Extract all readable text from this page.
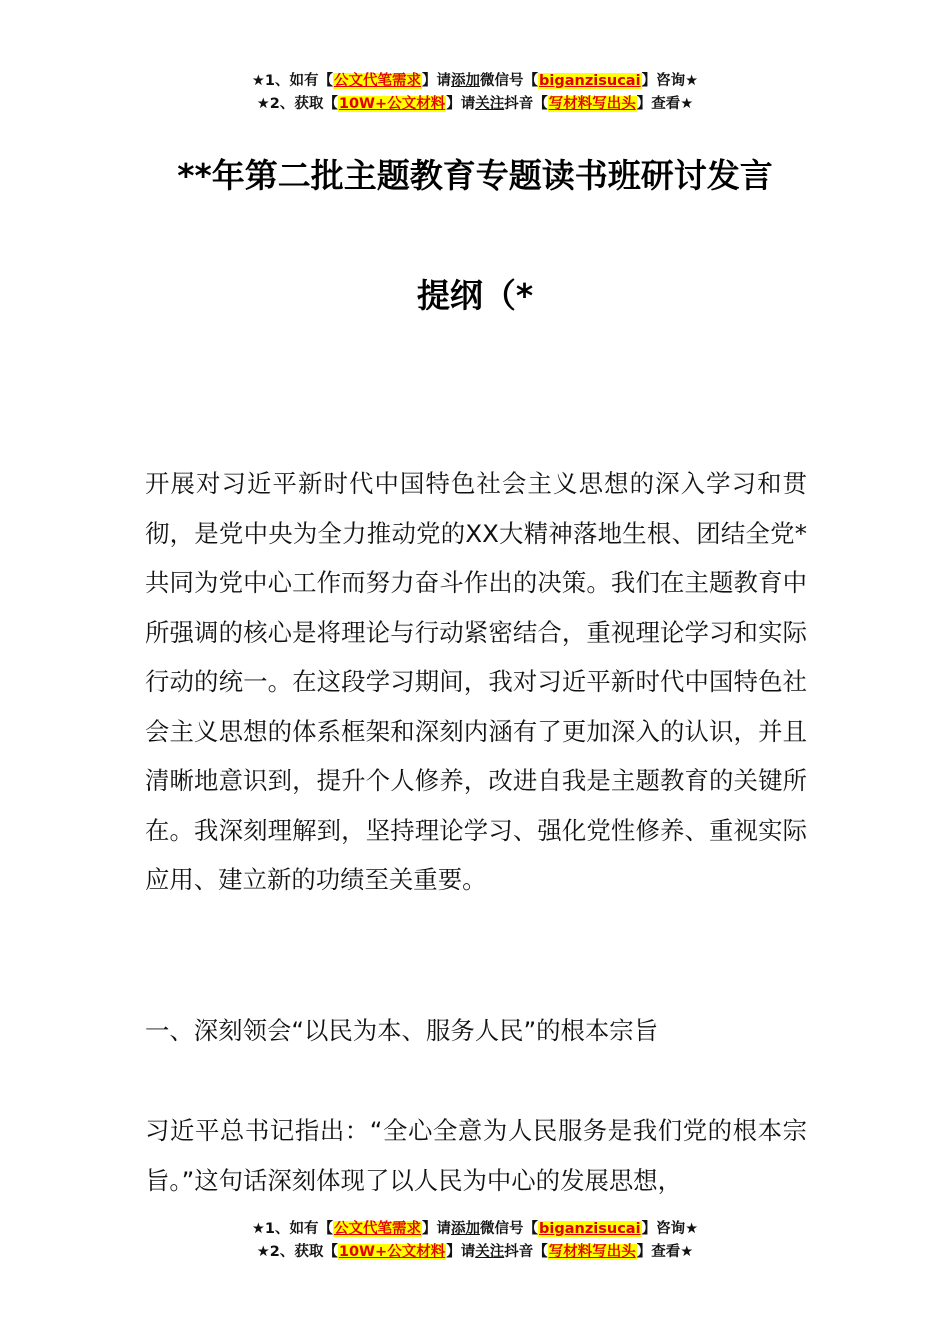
★1、如有【公文代笔需求】请添加微信号【biganzisucai】咨询★
★2、获取【10W+公文材料】请关注抖音【写材料写出头】查看★
**年第二批主题教育专题读书班研讨发言
提纲（*

开展对习近平新时代中国特色社会主义思想的深入学习和贯彻，是党中央为全力推动党的XX大精神落地生根、团结全党*共同为党中心工作而努力奋斗作出的决策。我们在主题教育中所强调的核心是将理论与行动紧密结合，重视理论学习和实际行动的统一。在这段学习期间，我对习近平新时代中国特色社会主义思想的体系框架和深刻内涵有了更加深入的认识，并且清晰地意识到，提升个人修养，改进自我是主题教育的关键所在。我深刻理解到，坚持理论学习、强化党性修养、重视实际应用、建立新的功绩至关重要。

一、深刻领会“以民为本、服务人民”的根本宗旨

习近平总书记指出：“全心全意为人民服务是我们党的根本宗旨。”这句话深刻体现了以人民为中心的发展思想，

★1、如有【公文代笔需求】请添加微信号【biganzisucai】咨询★
★2、获取【10W+公文材料】请关注抖音【写材料写出头】查看★
